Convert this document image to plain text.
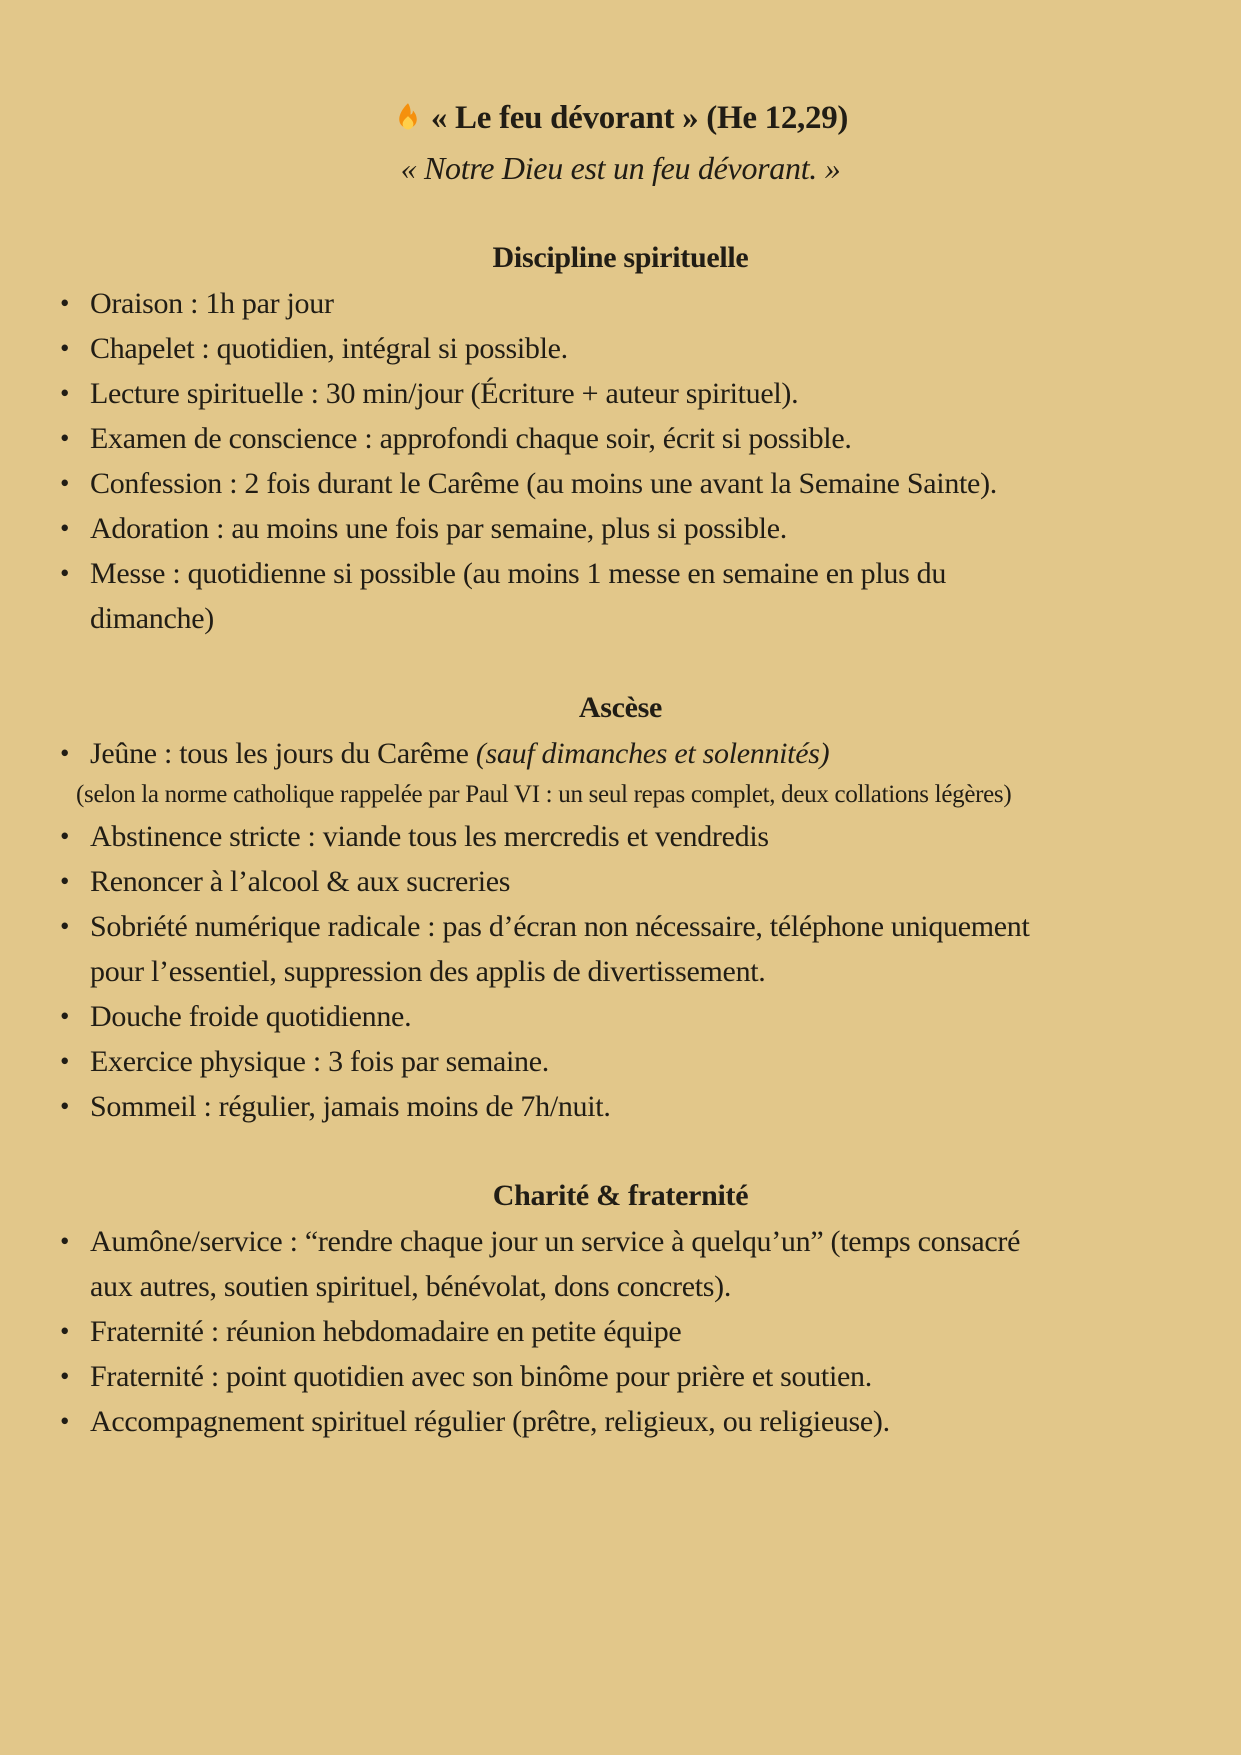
« Le feu dévorant » (He 12,29)
« Notre Dieu est un feu dévorant. »
Discipline spirituelle
• Oraison : 1h par jour
• Chapelet : quotidien, intégral si possible.
• Lecture spirituelle : 30 min/jour (Écriture + auteur spirituel).
• Examen de conscience : approfondi chaque soir, écrit si possible.
• Confession : 2 fois durant le Carême (au moins une avant la Semaine Sainte).
• Adoration : au moins une fois par semaine, plus si possible.
• Messe : quotidienne si possible (au moins 1 messe en semaine en plus du dimanche)
Ascèse
• Jeûne : tous les jours du Carême (sauf dimanches et solennités)
(selon la norme catholique rappelée par Paul VI : un seul repas complet, deux collations légères)
• Abstinence stricte : viande tous les mercredis et vendredis
• Renoncer à l’alcool & aux sucreries
• Sobriété numérique radicale : pas d’écran non nécessaire, téléphone uniquement pour l’essentiel, suppression des applis de divertissement.
• Douche froide quotidienne.
• Exercice physique : 3 fois par semaine.
• Sommeil : régulier, jamais moins de 7h/nuit.
Charité & fraternité
• Aumône/service : “rendre chaque jour un service à quelqu’un” (temps consacré aux autres, soutien spirituel, bénévolat, dons concrets).
• Fraternité : réunion hebdomadaire en petite équipe
• Fraternité : point quotidien avec son binôme pour prière et soutien.
• Accompagnement spirituel régulier (prêtre, religieux, ou religieuse).
